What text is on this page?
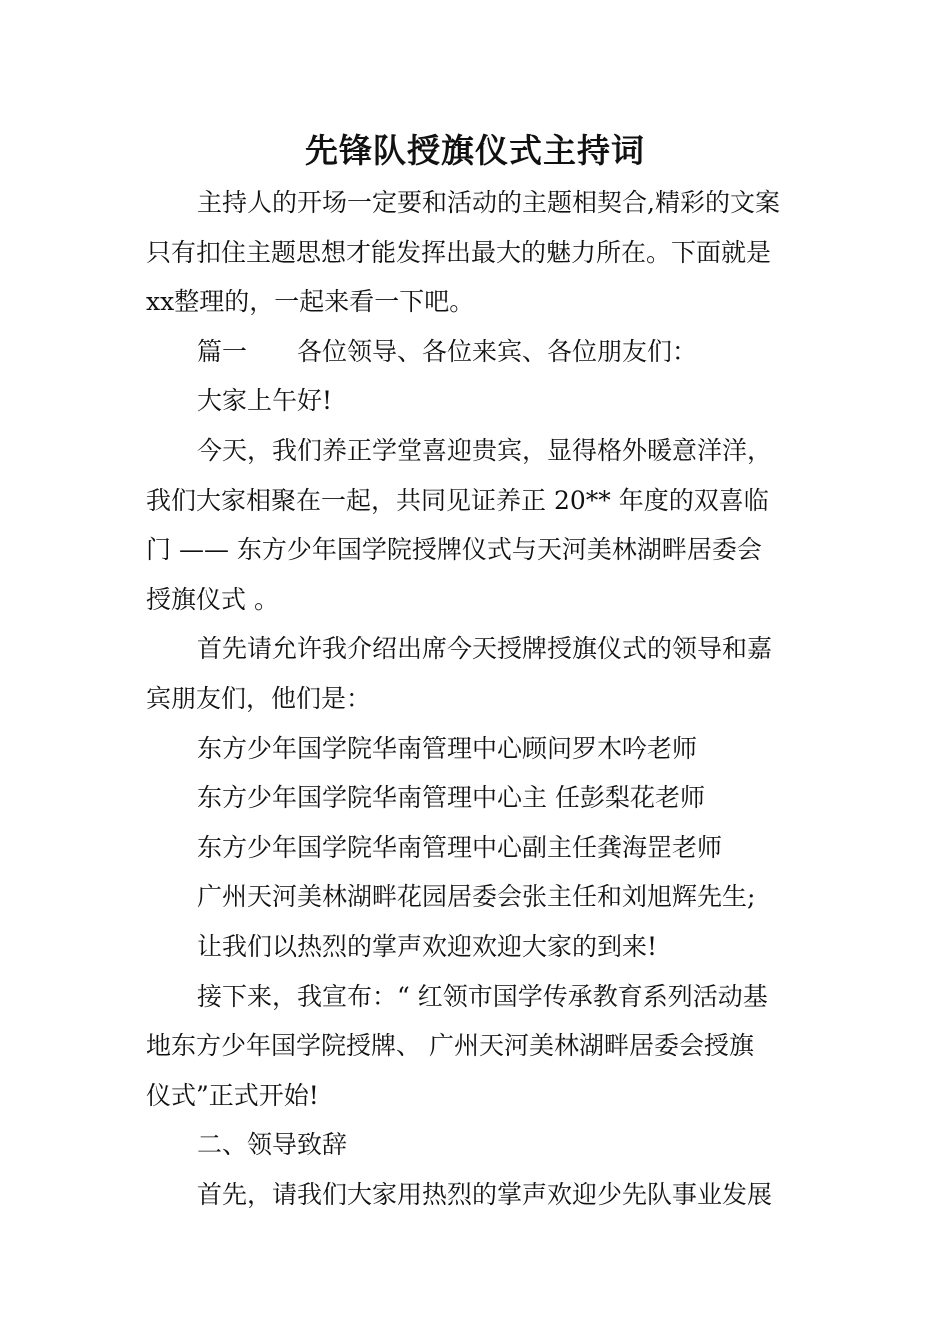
先锋队授旗仪式主持词

主持人的开场一定要和活动的主题相契合,精彩的文案

只有扣住主题思想才能发挥出最大的魅力所在。下面就是

xx整理的，一起来看一下吧。

篇一　　各位领导、各位来宾、各位朋友们：

大家上午好!

今天，我们养正学堂喜迎贵宾，显得格外暖意洋洋，

我们大家相聚在一起，共同见证养正 20** 年度的双喜临

门 —— 东方少年国学院授牌仪式与天河美林湖畔居委会

授旗仪式 。

首先请允许我介绍出席今天授牌授旗仪式的领导和嘉

宾朋友们，他们是：

东方少年国学院华南管理中心顾问罗木吟老师

东方少年国学院华南管理中心主 任彭梨花老师

东方少年国学院华南管理中心副主任龚海罡老师

广州天河美林湖畔花园居委会张主任和刘旭辉先生;

让我们以热烈的掌声欢迎欢迎大家的到来!

接下来，我宣布：“ 红领市国学传承教育系列活动基

地东方少年国学院授牌、 广州天河美林湖畔居委会授旗

仪式”正式开始!

二、领导致辞

首先，请我们大家用热烈的掌声欢迎少先队事业发展
